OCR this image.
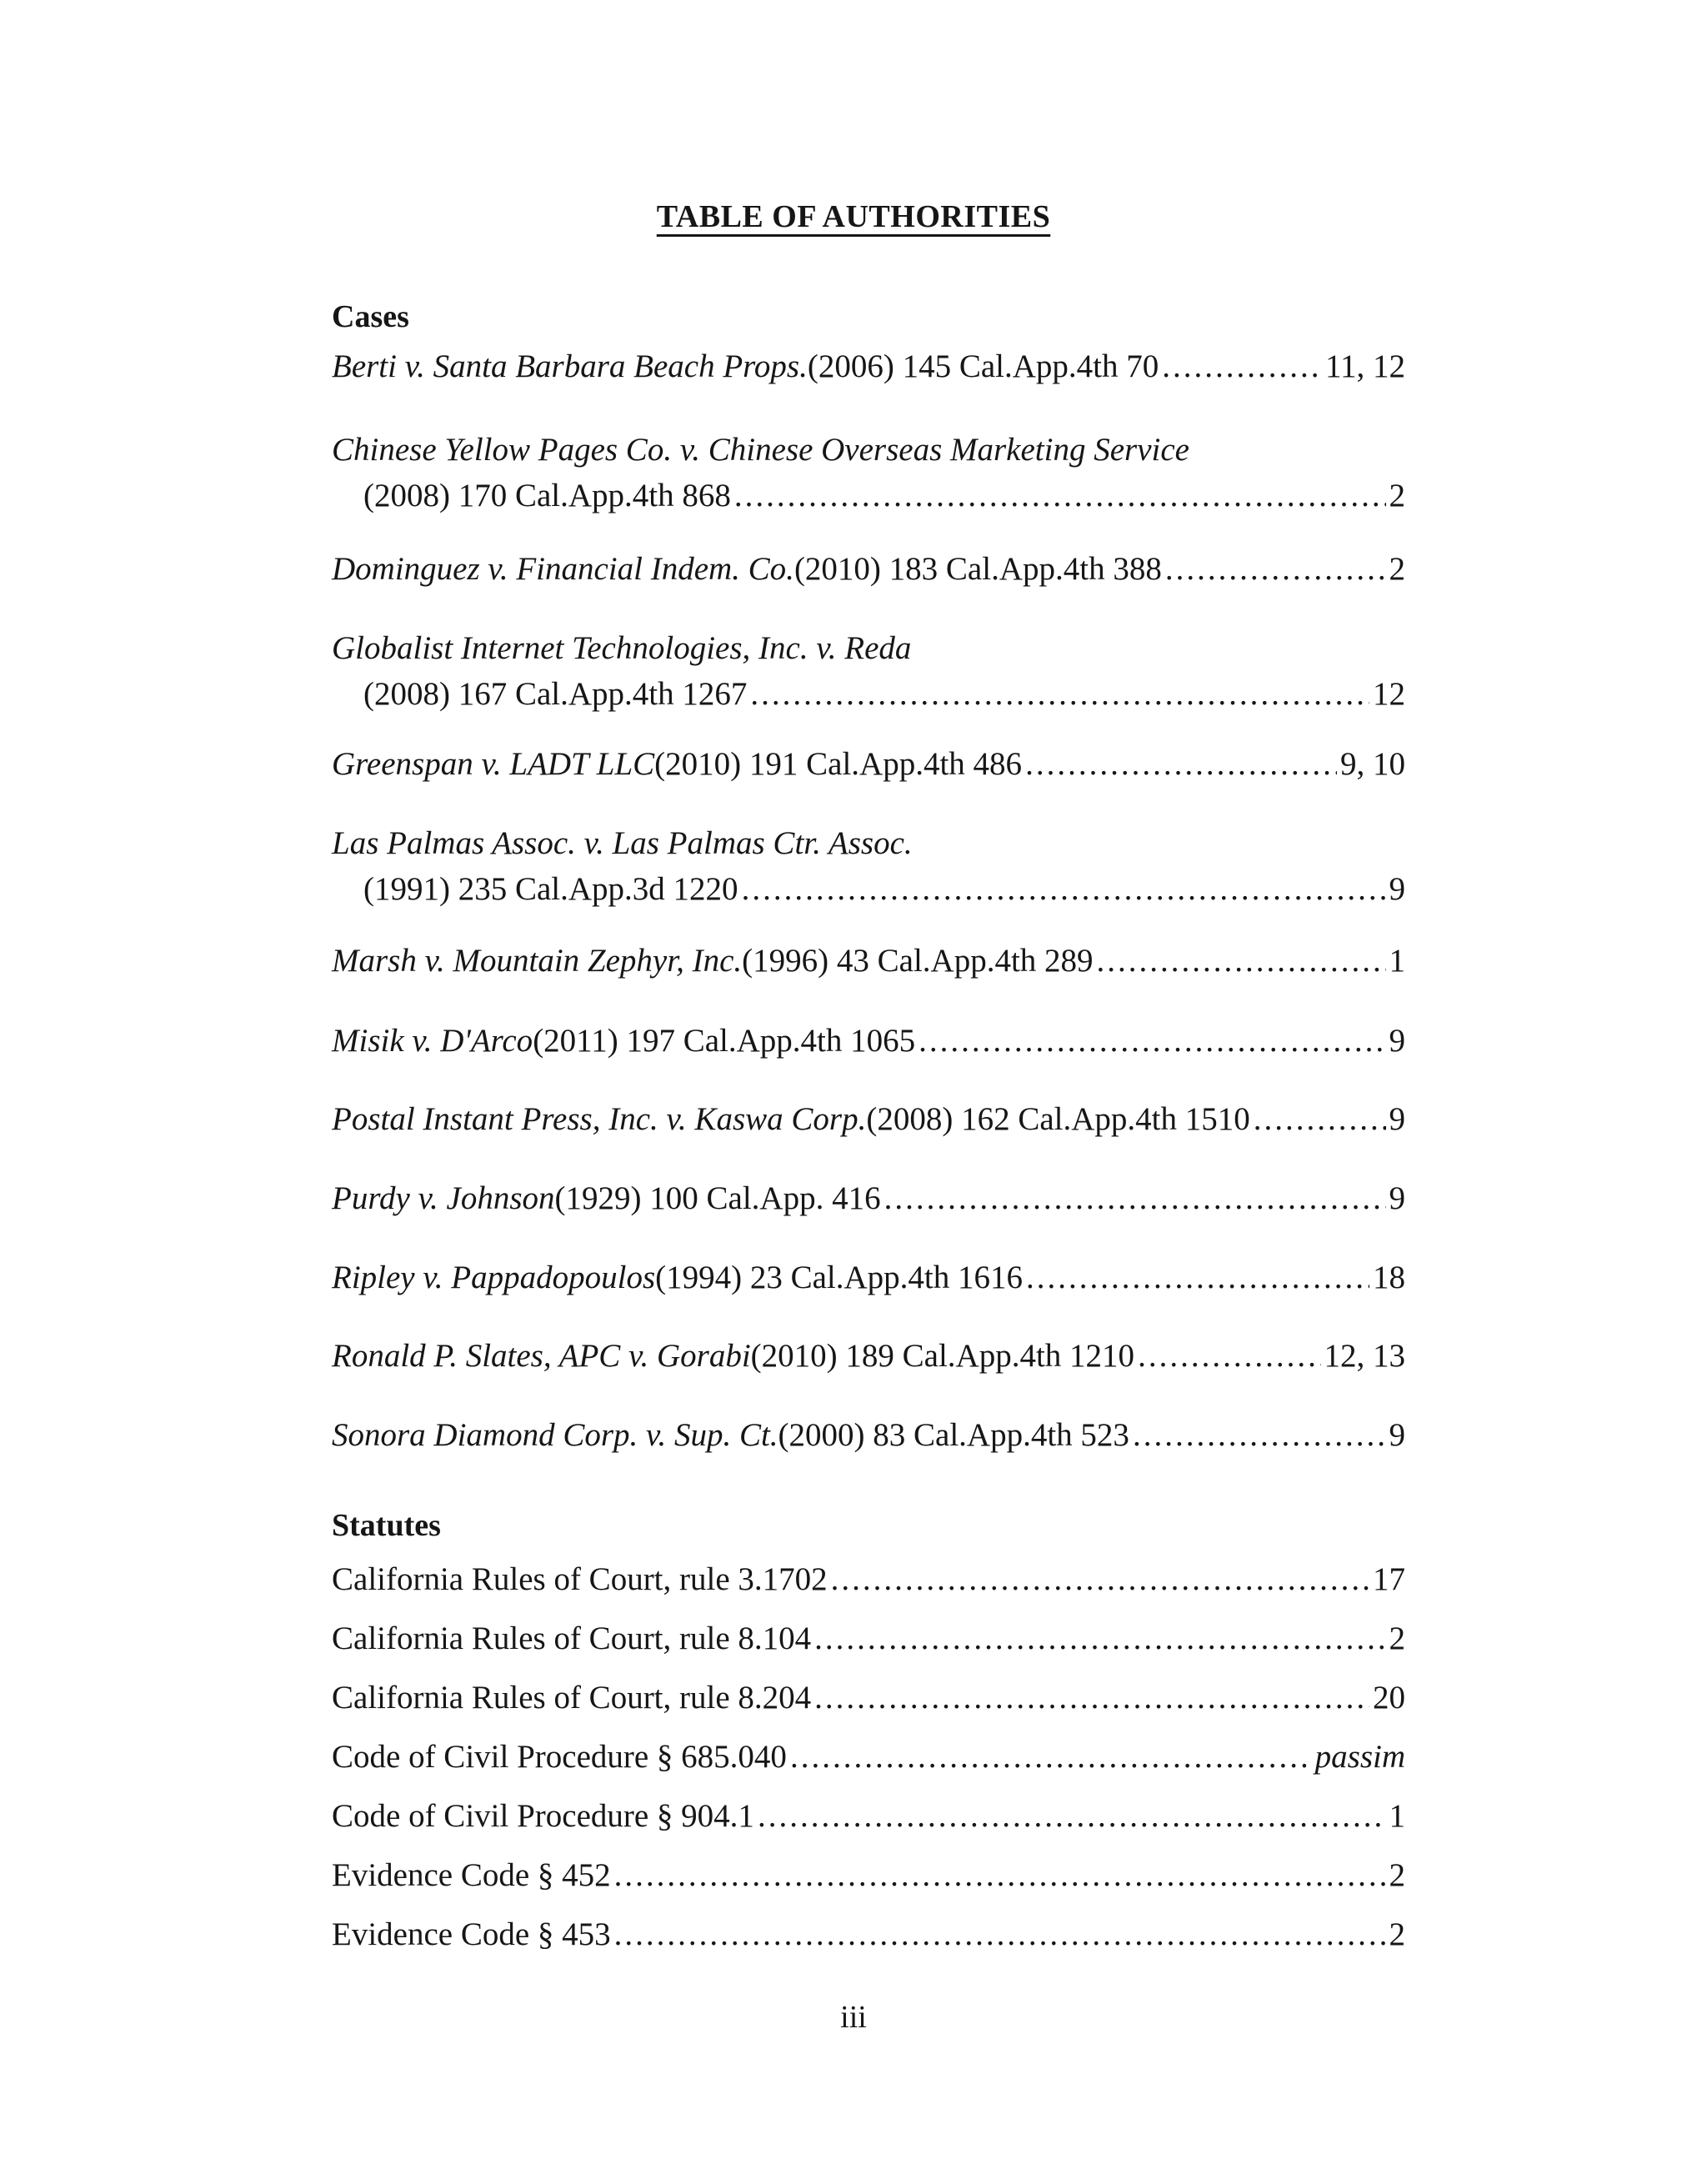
TABLE OF AUTHORITIES
Cases
Berti v. Santa Barbara Beach Props. (2006) 145 Cal.App.4th 70 .....	11, 12
Chinese Yellow Pages Co. v. Chinese Overseas Marketing Service
(2008) 170 Cal.App.4th 868 .....	2
Dominguez v. Financial Indem. Co. (2010) 183 Cal.App.4th 388 .....	2
Globalist Internet Technologies, Inc. v. Reda
(2008) 167 Cal.App.4th 1267 .....	12
Greenspan v. LADT LLC (2010) 191 Cal.App.4th 486 .....	9, 10
Las Palmas Assoc. v. Las Palmas Ctr. Assoc.
(1991) 235 Cal.App.3d 1220 .....	9
Marsh v. Mountain Zephyr, Inc. (1996) 43 Cal.App.4th 289 .....	1
Misik v. D'Arco (2011) 197 Cal.App.4th 1065 .....	9
Postal Instant Press, Inc. v. Kaswa Corp. (2008) 162 Cal.App.4th 1510 .....	9
Purdy v. Johnson (1929) 100 Cal.App. 416 .....	9
Ripley v. Pappadopoulos (1994) 23 Cal.App.4th 1616 .....	18
Ronald P. Slates, APC v. Gorabi (2010) 189 Cal.App.4th 1210 .....	12, 13
Sonora Diamond Corp. v. Sup. Ct. (2000) 83 Cal.App.4th 523 .....	9
Statutes
California Rules of Court, rule 3.1702 .....	17
California Rules of Court, rule 8.104 .....	2
California Rules of Court, rule 8.204 .....	20
Code of Civil Procedure § 685.040 .....	passim
Code of Civil Procedure § 904.1 .....	1
Evidence Code § 452 .....	2
Evidence Code § 453 .....	2
iii
